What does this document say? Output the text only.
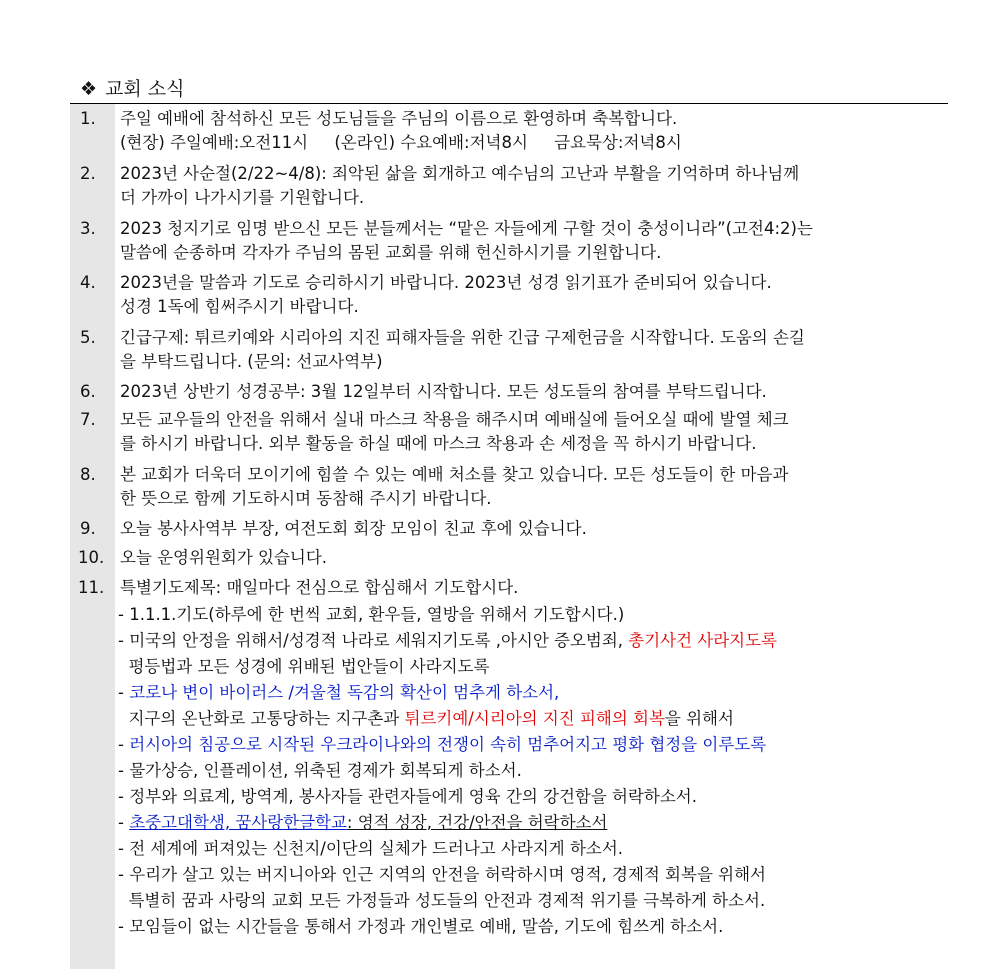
❖ 교회 소식
1.	주일 예배에 참석하신 모든 성도님들을 주님의 이름으로 환영하며 축복합니다.
(현장) 주일예배:오전11시     (온라인) 수요예배:저녁8시     금요묵상:저녁8시
2.	2023년 사순절(2/22~4/8): 죄악된 삶을 회개하고 예수님의 고난과 부활을 기억하며 하나님께
더 가까이 나가시기를 기원합니다.
3.	2023 청지기로 임명 받으신 모든 분들께서는 “맡은 자들에게 구할 것이 충성이니라”(고전4:2)는
말씀에 순종하며 각자가 주님의 몸된 교회를 위해 헌신하시기를 기원합니다.
4.	2023년을 말씀과 기도로 승리하시기 바랍니다. 2023년 성경 읽기표가 준비되어 있습니다.
성경 1독에 힘써주시기 바랍니다.
5.	긴급구제: 튀르키예와 시리아의 지진 피해자들을 위한 긴급 구제헌금을 시작합니다. 도움의 손길
을 부탁드립니다. (문의: 선교사역부)
6.	2023년 상반기 성경공부: 3월 12일부터 시작합니다. 모든 성도들의 참여를 부탁드립니다.
7.	모든 교우들의 안전을 위해서 실내 마스크 착용을 해주시며 예배실에 들어오실 때에 발열 체크
를 하시기 바랍니다. 외부 활동을 하실 때에 마스크 착용과 손 세정을 꼭 하시기 바랍니다.
8.	본 교회가 더욱더 모이기에 힘쓸 수 있는 예배 처소를 찾고 있습니다. 모든 성도들이 한 마음과
한 뜻으로 함께 기도하시며 동참해 주시기 바랍니다.
9.	오늘 봉사사역부 부장, 여전도회 회장 모임이 친교 후에 있습니다.
10. 오늘 운영위원회가 있습니다.
11. 특별기도제목: 매일마다 전심으로 합심해서 기도합시다.
- 1.1.1.기도(하루에 한 번씩 교회, 환우들, 열방을 위해서 기도합시다.)
- 미국의 안정을 위해서/성경적 나라로 세워지기도록 ,아시안 증오범죄, 총기사건 사라지도록
평등법과 모든 성경에 위배된 법안들이 사라지도록
- 코로나 변이 바이러스 /겨울철 독감의 확산이 멈추게 하소서,
지구의 온난화로 고통당하는 지구촌과 튀르키예/시리아의 지진 피해의 회복을 위해서
- 러시아의 침공으로 시작된 우크라이나와의 전쟁이 속히 멈추어지고 평화 협정을 이루도록
- 물가상승, 인플레이션, 위축된 경제가 회복되게 하소서.
- 정부와 의료계, 방역계, 봉사자들 관련자들에게 영육 간의 강건함을 허락하소서.
- 초중고대학생, 꿈사랑한글학교: 영적 성장, 건강/안전을 허락하소서
- 전 세계에 퍼져있는 신천지/이단의 실체가 드러나고 사라지게 하소서.
- 우리가 살고 있는 버지니아와 인근 지역의 안전을 허락하시며 영적, 경제적 회복을 위해서
특별히 꿈과 사랑의 교회 모든 가정들과 성도들의 안전과 경제적 위기를 극복하게 하소서.
- 모임들이 없는 시간들을 통해서 가정과 개인별로 예배, 말씀, 기도에 힘쓰게 하소서.
